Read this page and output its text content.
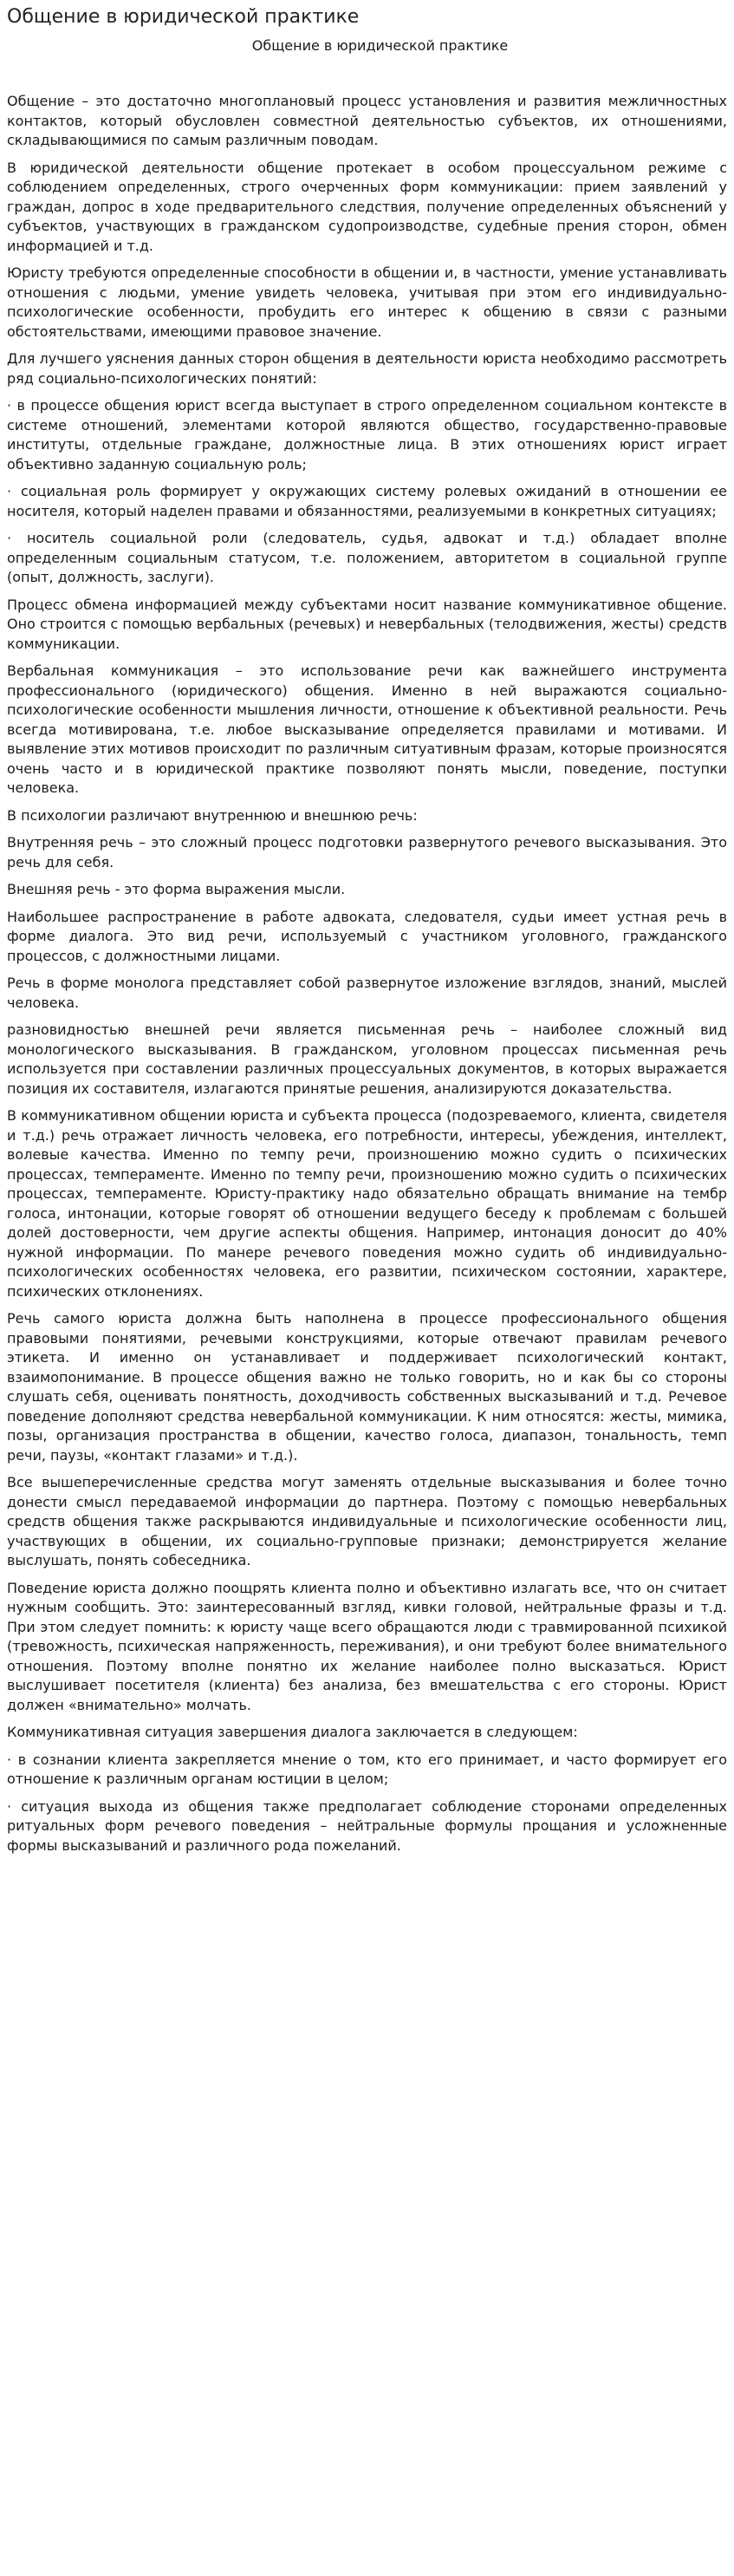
Общение в юридической практике
Общение в юридической практике

Общение – это достаточно многоплановый процесс установления и развития межличностных контактов, который обусловлен совместной деятельностью субъектов, их отношениями, складывающимися по самым различным поводам.

В юридической деятельности общение протекает в особом процессуальном режиме с соблюдением определенных, строго очерченных форм коммуникации: прием заявлений у граждан, допрос в ходе предварительного следствия, получение определенных объяснений у субъектов, участвующих в гражданском судопроизводстве, судебные прения сторон, обмен информацией и т.д.

Юристу требуются определенные способности в общении и, в частности, умение устанавливать отношения с людьми, умение увидеть человека, учитывая при этом его индивидуально-психологические особенности, пробудить его интерес к общению в связи с разными обстоятельствами, имеющими правовое значение.

Для лучшего уяснения данных сторон общения в деятельности юриста необходимо рассмотреть ряд социально-психологических понятий:

· в процессе общения юрист всегда выступает в строго определенном социальном контексте в системе отношений, элементами которой являются общество, государственно-правовые институты, отдельные граждане, должностные лица. В этих отношениях юрист играет объективно заданную социальную роль;

· социальная роль формирует у окружающих систему ролевых ожиданий в отношении ее носителя, который наделен правами и обязанностями, реализуемыми в конкретных ситуациях;

· носитель социальной роли (следователь, судья, адвокат и т.д.) обладает вполне определенным социальным статусом, т.е. положением, авторитетом в социальной группе (опыт, должность, заслуги).

Процесс обмена информацией между субъектами носит название коммуникативное общение. Оно строится с помощью вербальных (речевых) и невербальных (телодвижения, жесты) средств коммуникации.

Вербальная коммуникация – это использование речи как важнейшего инструмента профессионального (юридического) общения. Именно в ней выражаются социально-психологические особенности мышления личности, отношение к объективной реальности. Речь всегда мотивирована, т.е. любое высказывание определяется правилами и мотивами. И выявление этих мотивов происходит по различным ситуативным фразам, которые произносятся очень часто и в юридической практике позволяют понять мысли, поведение, поступки человека.

В психологии различают внутреннюю и внешнюю речь:

Внутренняя речь – это сложный процесс подготовки развернутого речевого высказывания. Это речь для себя.

Внешняя речь - это форма выражения мысли.

Наибольшее распространение в работе адвоката, следователя, судьи имеет устная речь в форме диалога. Это вид речи, используемый с участником уголовного, гражданского процессов, с должностными лицами.

Речь в форме монолога представляет собой развернутое изложение взглядов, знаний, мыслей человека.

разновидностью внешней речи является письменная речь – наиболее сложный вид монологического высказывания. В гражданском, уголовном процессах письменная речь используется при составлении различных процессуальных документов, в которых выражается позиция их составителя, излагаются принятые решения, анализируются доказательства.

В коммуникативном общении юриста и субъекта процесса (подозреваемого, клиента, свидетеля и т.д.) речь отражает личность человека, его потребности, интересы, убеждения, интеллект, волевые качества. Именно по темпу речи, произношению можно судить о психических процессах, темпераменте. Именно по темпу речи, произношению можно судить о психических процессах, темпераменте. Юристу-практику надо обязательно обращать внимание на тембр голоса, интонации, которые говорят об отношении ведущего беседу к проблемам с большей долей достоверности, чем другие аспекты общения. Например, интонация доносит до 40% нужной информации. По манере речевого поведения можно судить об индивидуально-психологических особенностях человека, его развитии, психическом состоянии, характере, психических отклонениях.

Речь самого юриста должна быть наполнена в процессе профессионального общения правовыми понятиями, речевыми конструкциями, которые отвечают правилам речевого этикета. И именно он устанавливает и поддерживает психологический контакт, взаимопонимание. В процессе общения важно не только говорить, но и как бы со стороны слушать себя, оценивать понятность, доходчивость собственных высказываний и т.д. Речевое поведение дополняют средства невербальной коммуникации. К ним относятся: жесты, мимика, позы, организация пространства в общении, качество голоса, диапазон, тональность, темп речи, паузы, «контакт глазами» и т.д.).

Все вышеперечисленные средства могут заменять отдельные высказывания и более точно донести смысл передаваемой информации до партнера. Поэтому с помощью невербальных средств общения также раскрываются индивидуальные и психологические особенности лиц, участвующих в общении, их социально-групповые признаки; демонстрируется желание выслушать, понять собеседника.

Поведение юриста должно поощрять клиента полно и объективно излагать все, что он считает нужным сообщить. Это: заинтересованный взгляд, кивки головой, нейтральные фразы и т.д. При этом следует помнить: к юристу чаще всего обращаются люди с травмированной психикой (тревожность, психическая напряженность, переживания), и они требуют более внимательного отношения. Поэтому вполне понятно их желание наиболее полно высказаться. Юрист выслушивает посетителя (клиента) без анализа, без вмешательства с его стороны. Юрист должен «внимательно» молчать.

Коммуникативная ситуация завершения диалога заключается в следующем:

· в сознании клиента закрепляется мнение о том, кто его принимает, и часто формирует его отношение к различным органам юстиции в целом;

· ситуация выхода из общения также предполагает соблюдение сторонами определенных ритуальных форм речевого поведения – нейтральные формулы прощания и усложненные формы высказываний и различного рода пожеланий.
